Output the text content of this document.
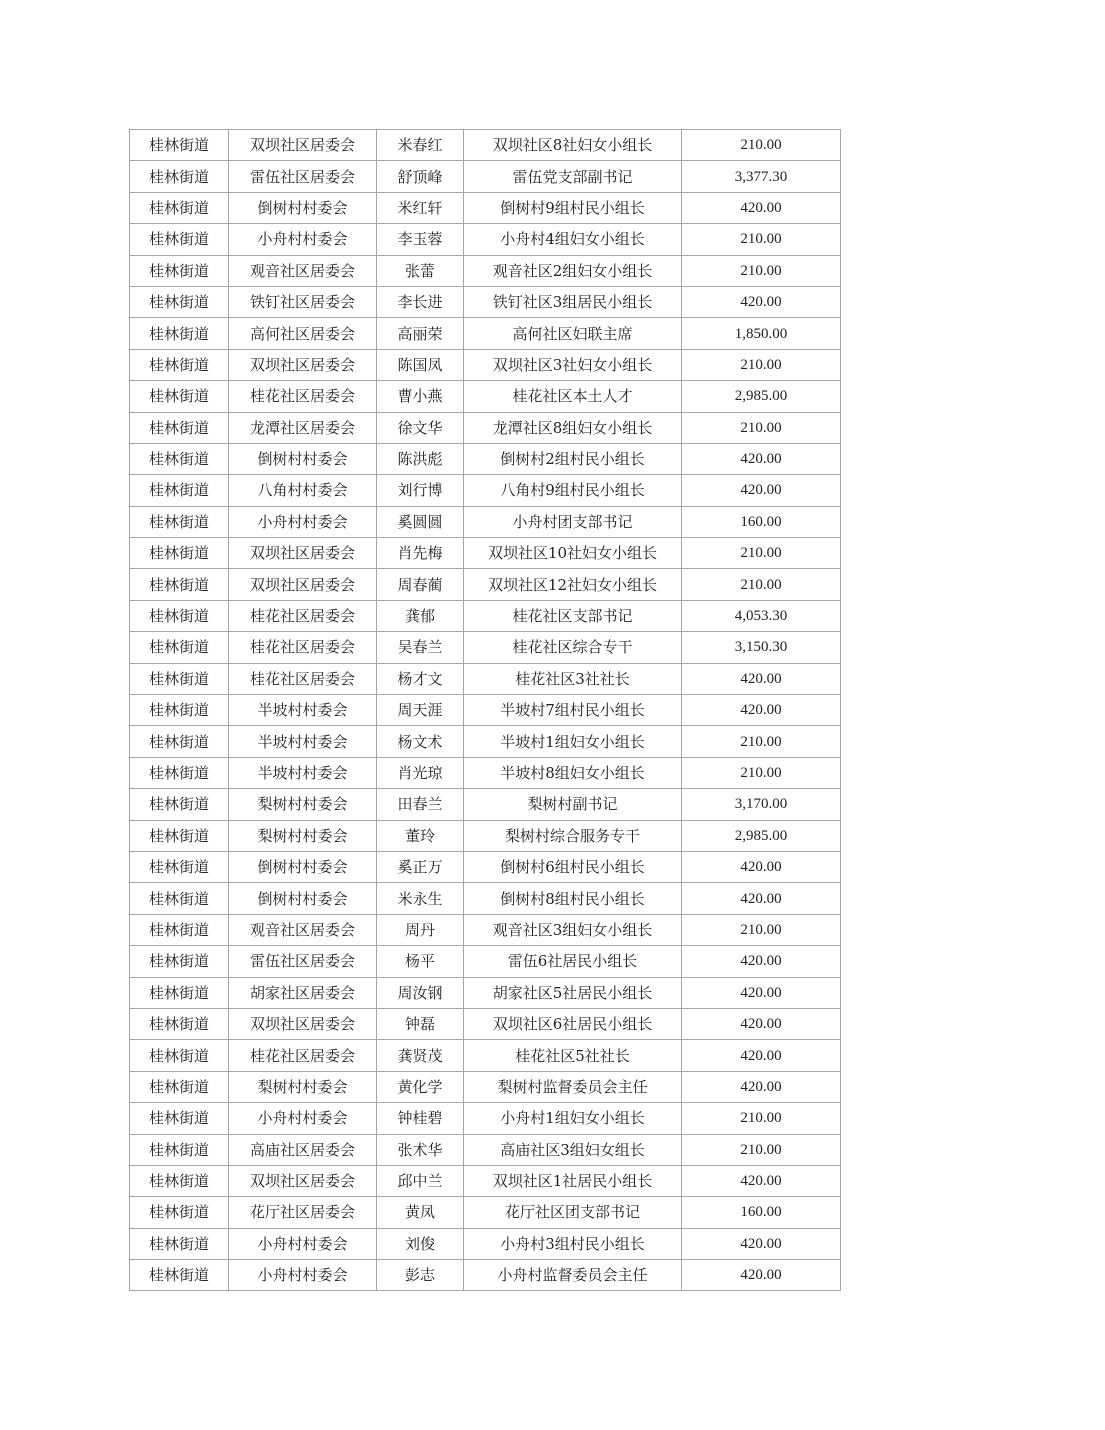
桂林街道	双坝社区居委会	米春红	双坝社区8社妇女小组长	210.00
桂林街道	雷伍社区居委会	舒顶峰	雷伍党支部副书记	3,377.30
桂林街道	倒树村村委会	米红轩	倒树村9组村民小组长	420.00
桂林街道	小舟村村委会	李玉蓉	小舟村4组妇女小组长	210.00
桂林街道	观音社区居委会	张蕾	观音社区2组妇女小组长	210.00
桂林街道	铁钉社区居委会	李长进	铁钉社区3组居民小组长	420.00
桂林街道	高何社区居委会	高丽荣	高何社区妇联主席	1,850.00
桂林街道	双坝社区居委会	陈国凤	双坝社区3社妇女小组长	210.00
桂林街道	桂花社区居委会	曹小燕	桂花社区本土人才	2,985.00
桂林街道	龙潭社区居委会	徐文华	龙潭社区8组妇女小组长	210.00
桂林街道	倒树村村委会	陈洪彪	倒树村2组村民小组长	420.00
桂林街道	八角村村委会	刘行博	八角村9组村民小组长	420.00
桂林街道	小舟村村委会	奚圆圆	小舟村团支部书记	160.00
桂林街道	双坝社区居委会	肖先梅	双坝社区10社妇女小组长	210.00
桂林街道	双坝社区居委会	周春蔺	双坝社区12社妇女小组长	210.00
桂林街道	桂花社区居委会	龚郁	桂花社区支部书记	4,053.30
桂林街道	桂花社区居委会	吴春兰	桂花社区综合专干	3,150.30
桂林街道	桂花社区居委会	杨才文	桂花社区3社社长	420.00
桂林街道	半坡村村委会	周天涯	半坡村7组村民小组长	420.00
桂林街道	半坡村村委会	杨文术	半坡村1组妇女小组长	210.00
桂林街道	半坡村村委会	肖光琼	半坡村8组妇女小组长	210.00
桂林街道	梨树村村委会	田春兰	梨树村副书记	3,170.00
桂林街道	梨树村村委会	董玲	梨树村综合服务专干	2,985.00
桂林街道	倒树村村委会	奚正万	倒树村6组村民小组长	420.00
桂林街道	倒树村村委会	米永生	倒树村8组村民小组长	420.00
桂林街道	观音社区居委会	周丹	观音社区3组妇女小组长	210.00
桂林街道	雷伍社区居委会	杨平	雷伍6社居民小组长	420.00
桂林街道	胡家社区居委会	周汝钢	胡家社区5社居民小组长	420.00
桂林街道	双坝社区居委会	钟磊	双坝社区6社居民小组长	420.00
桂林街道	桂花社区居委会	龚贤茂	桂花社区5社社长	420.00
桂林街道	梨树村村委会	黄化学	梨树村监督委员会主任	420.00
桂林街道	小舟村村委会	钟桂碧	小舟村1组妇女小组长	210.00
桂林街道	高庙社区居委会	张术华	高庙社区3组妇女组长	210.00
桂林街道	双坝社区居委会	邱中兰	双坝社区1社居民小组长	420.00
桂林街道	花厅社区居委会	黄凤	花厅社区团支部书记	160.00
桂林街道	小舟村村委会	刘俊	小舟村3组村民小组长	420.00
桂林街道	小舟村村委会	彭志	小舟村监督委员会主任	420.00
